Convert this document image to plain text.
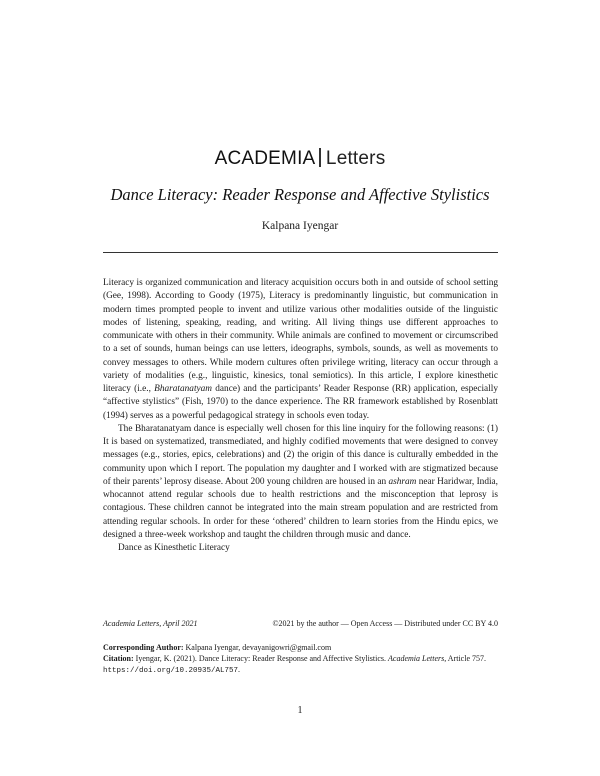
ACADEMIA Letters
Dance Literacy: Reader Response and Affective Stylistics
Kalpana Iyengar

Literacy is organized communication and literacy acquisition occurs both in and outside of school setting (Gee, 1998). According to Goody (1975), Literacy is predominantly linguistic, but communication in modern times prompted people to invent and utilize various other modalities outside of the linguistic modes of listening, speaking, reading, and writing. All living things use different approaches to communicate with others in their community. While animals are confined to movement or circumscribed to a set of sounds, human beings can use letters, ideographs, symbols, sounds, as well as movements to convey messages to others. While modern cultures often privilege writing, literacy can occur through a variety of modalities (e.g., linguistic, kinesics, tonal semiotics). In this article, I explore kinesthetic literacy (i.e., Bharatanatyam dance) and the participants’ Reader Response (RR) application, especially “affective stylistics” (Fish, 1970) to the dance experience. The RR framework established by Rosenblatt (1994) serves as a powerful pedagogical strategy in schools even today.

The Bharatanatyam dance is especially well chosen for this line inquiry for the following reasons: (1) It is based on systematized, transmediated, and highly codified movements that were designed to convey messages (e.g., stories, epics, celebrations) and (2) the origin of this dance is culturally embedded in the community upon which I report. The population my daughter and I worked with are stigmatized because of their parents’ leprosy disease. About 200 young children are housed in an ashram near Haridwar, India, whocannot attend regular schools due to health restrictions and the misconception that leprosy is contagious. These children cannot be integrated into the main stream population and are restricted from attending regular schools. In order for these ‘othered’ children to learn stories from the Hindu epics, we designed a three-week workshop and taught the children through music and dance.

Dance as Kinesthetic Literacy

Academia Letters, April 2021	©2021 by the author — Open Access — Distributed under CC BY 4.0
Corresponding Author: Kalpana Iyengar, devayanigowri@gmail.com
Citation: Iyengar, K. (2021). Dance Literacy: Reader Response and Affective Stylistics. Academia Letters, Article 757. https://doi.org/10.20935/AL757.
1
